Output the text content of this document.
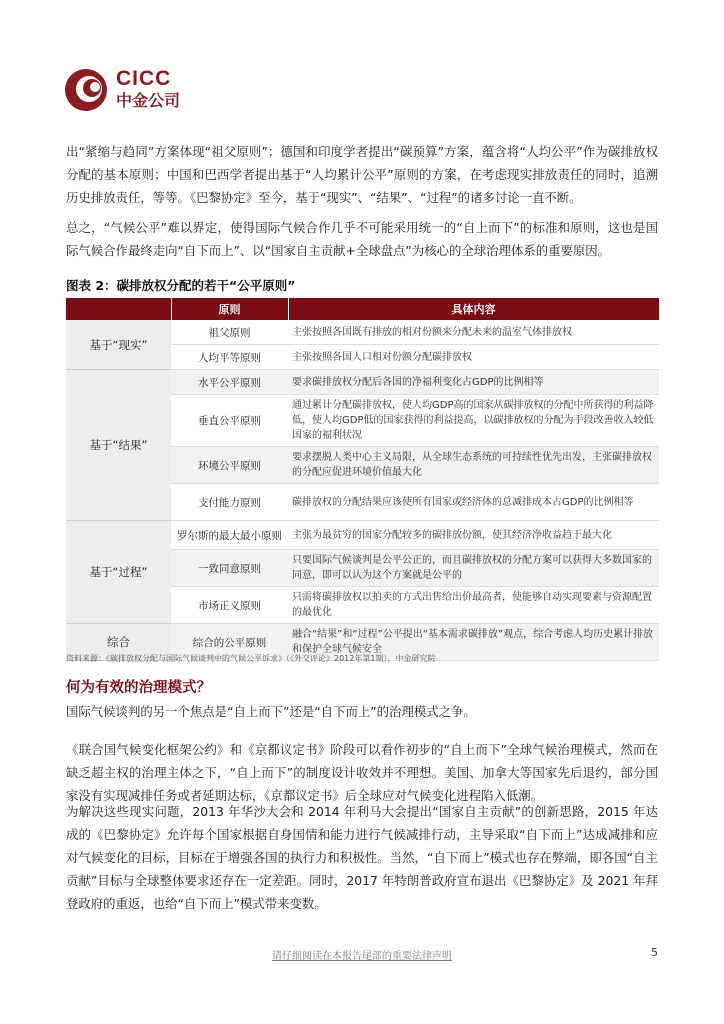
CICC
中金公司

出“紧缩与趋同”方案体现“祖父原则”；德国和印度学者提出“碳预算”方案，蕴含将“人均公平”作为碳排放权分配的基本原则；中国和巴西学者提出基于“人均累计公平”原则的方案，在考虑现实排放责任的同时，追溯历史排放责任，等等。《巴黎协定》至今，基于“现实”、“结果”、“过程”的诸多讨论一直不断。

总之，“气候公平”难以界定，使得国际气候合作几乎不可能采用统一的“自上而下”的标准和原则，这也是国际气候合作最终走向“自下而上”、以“国家自主贡献+全球盘点”为核心的全球治理体系的重要原因。

图表 2：碳排放权分配的若干“公平原则”

	原则	具体内容
基于“现实”	祖父原则	主张按照各国既有排放的相对份额来分配未来的温室气体排放权
	人均平等原则	主张按照各国人口相对份额分配碳排放权
基于“结果”	水平公平原则	要求碳排放权分配后各国的净福利变化占GDP的比例相等
	垂直公平原则	通过累计分配碳排放权，使人均GDP高的国家从碳排放权的分配中所获得的利益降低，使人均GDP低的国家获得的利益提高，以碳排放权的分配为手段改善收入较低国家的福利状况
	环境公平原则	要求摆脱人类中心主义局限，从全球生态系统的可持续性优先出发，主张碳排放权的分配应促进环境价值最大化
	支付能力原则	碳排放权的分配结果应该使所有国家或经济体的总减排成本占GDP的比例相等
基于“过程”	罗尔斯的最大最小原则	主张为最贫穷的国家分配较多的碳排放份额，使其经济净收益趋于最大化
	一致同意原则	只要国际气候谈判是公平公正的，而且碳排放权的分配方案可以获得大多数国家的同意，即可以认为这个方案就是公平的
	市场正义原则	只需将碳排放权以拍卖的方式出售给出价最高者，使能够自动实现要素与资源配置的最优化
综合	综合的公平原则	融合“结果”和“过程”公平提出“基本需求碳排放”观点，综合考虑人均历史累计排放和保护全球气候安全

资料来源：《碳排放权分配与国际气候谈判中的气候公平诉求》（《外交评论》2012年第1期），中金研究院

何为有效的治理模式？

国际气候谈判的另一个焦点是“自上而下”还是“自下而上”的治理模式之争。

《联合国气候变化框架公约》和《京都议定书》阶段可以看作初步的“自上而下”全球气候治理模式，然而在缺乏超主权的治理主体之下，“自上而下”的制度设计收效并不理想。美国、加拿大等国家先后退约，部分国家没有实现减排任务或者延期达标，《京都议定书》后全球应对气候变化进程陷入低潮。

为解决这些现实问题，2013 年华沙大会和 2014 年利马大会提出“国家自主贡献”的创新思路，2015 年达成的《巴黎协定》允许每个国家根据自身国情和能力进行气候减排行动，主导采取“自下而上”达成减排和应对气候变化的目标，目标在于增强各国的执行力和积极性。当然，“自下而上”模式也存在弊端，即各国“自主贡献”目标与全球整体要求还存在一定差距。同时，2017 年特朗普政府宣布退出《巴黎协定》及 2021 年拜登政府的重返，也给“自下而上”模式带来变数。

请仔细阅读在本报告尾部的重要法律声明	5
